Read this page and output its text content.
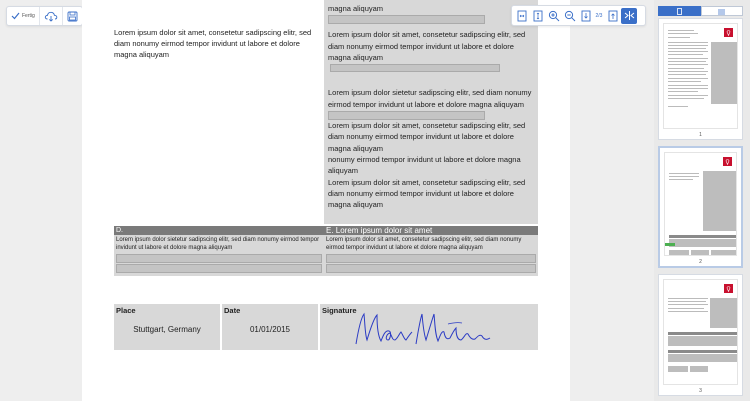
Fertig
Lorem ipsum dolor sit amet, consetetur sadipscing elitr, sed diam nonumy eirmod tempor invidunt ut labore et dolore magna aliquyam

magna aliquyam

Lorem ipsum dolor sit amet, consetetur sadipscing elitr, sed diam nonumy eirmod tempor invidunt ut labore et dolore magna aliquyam

Lorem ipsum dolor sietetur sadipscing elitr, sed diam nonumy eirmod tempor invidunt ut labore et dolore magna aliquyam

Lorem ipsum dolor sit amet, consetetur sadipscing elitr, sed diam nonumy eirmod tempor invidunt ut labore et dolore magna aliquyam

nonumy eirmod tempor invidunt ut labore et dolore magna aliquyam

Lorem ipsum dolor sit amet, consetetur sadipscing elitr, sed diam nonumy eirmod tempor invidunt ut labore et dolore magna aliquyam

D.	E. Lorem ipsum dolor sit amet
Lorem ipsum dolor sietetur sadipscing elitr, sed diam nonumy eirmod tempor invidunt ut labore et dolore magna aliquyam
Lorem ipsum dolor sit amet, consetetur sadipscing elitr, sed diam nonumy eirmod tempor invidunt ut labore et dolore magna aliquyam
Place
Stuttgart, Germany
Date
01/01/2015
Signature
2/3
1
2
3
